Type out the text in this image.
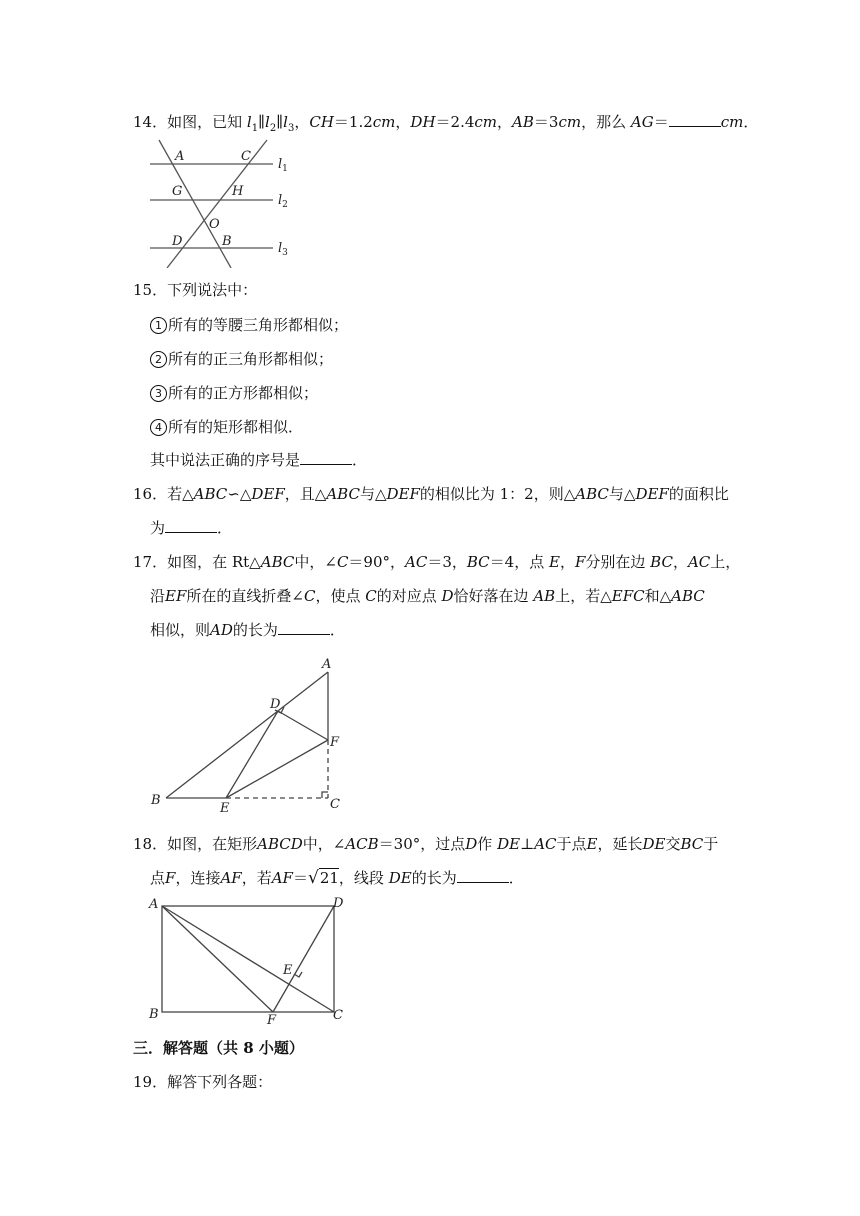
14．如图，已知 $l_1\parallel l_2\parallel l_3$，CH＝1.2cm，DH＝2.4cm，AB＝3cm，那么 AG＝	cm．
A	C
G	H
O
D	B
$l_1$
$l_2$
$l_3$
15．下列说法中：
1 所有的等腰三角形都相似；
2 所有的正三角形都相似；
3 所有的正方形都相似；
4 所有的矩形都相似．
其中说法正确的序号是	．
16．若△ABC∽△DEF，且△ABC与△DEF的相似比为 1：2，则△ABC与△DEF的面积比
为	．
17．如图，在 Rt△ABC中，∠C＝90°，AC＝3，BC＝4，点 E，F分别在边 BC，AC上，
沿EF所在的直线折叠∠C，使点 C的对应点 D恰好落在边 AB上，若△EFC和△ABC
相似，则AD的长为	．
A
B	C
D
E
F
18．如图，在矩形ABCD中，∠ACB＝30°，过点D作 DE⊥AC于点E，延长DE交BC于
点F，连接AF，若AF＝√21，线段 DE的长为	．
A
B	C
D
E
F
三．解答题（共 8 小题）
19．解答下列各题：
